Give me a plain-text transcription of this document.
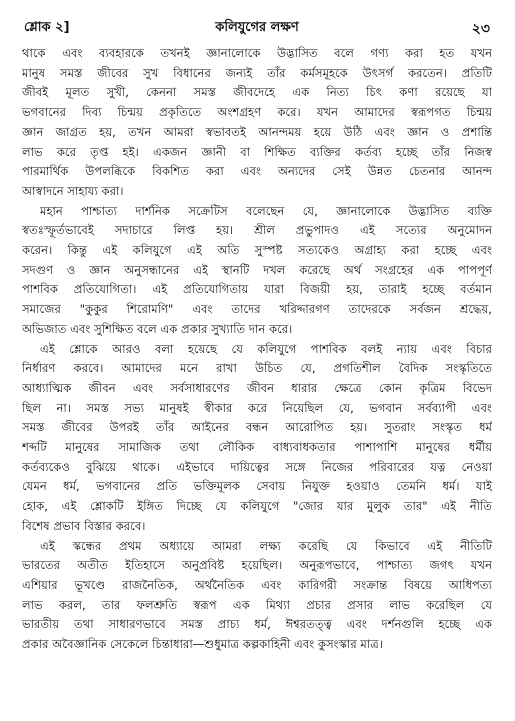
শ্লোক ২]	কলিযুগের লক্ষণ	২৩
থাকে এবং ব্যবহারকে তখনই জ্ঞানালোকে উদ্ভাসিত বলে গণ্য করা হত যখন
মানুষ সমস্ত জীবের সুখ বিধানের জন্যই তাঁর কর্মসমূহকে উৎসর্গ করতেন। প্রতিটি
জীবই মূলত সুখী, কেননা সমস্ত জীবদেহে এক নিত্য চিৎ কণা রয়েছে যা
ভগবানের দিব্য চিন্ময় প্রকৃতিতে অংশগ্রহণ করে। যখন আমাদের স্বরূপগত চিন্ময়
জ্ঞান জাগ্রত হয়, তখন আমরা স্বভাবতই আনন্দময় হয়ে উঠি এবং জ্ঞান ও প্রশান্তি
লাভ করে তৃপ্ত হই। একজন জ্ঞানী বা শিক্ষিত ব্যক্তির কর্তব্য হচ্ছে তাঁর নিজস্ব
পারমার্থিক উপলব্ধিকে বিকশিত করা এবং অন্যদের সেই উন্নত চেতনার আনন্দ
আস্বাদনে সাহায্য করা।
মহান পাশ্চাত্য দার্শনিক সক্রেটিস বলেছেন যে, জ্ঞানালোকে উদ্ভাসিত ব্যক্তি
স্বতঃস্ফূর্তভাবেই সদাচারে লিপ্ত হয়। শ্রীল প্রভুপাদও এই সত্যের অনুমোদন
করেন। কিন্তু এই কলিযুগে এই অতি সুস্পষ্ট সত্যকেও অগ্রাহ্য করা হচ্ছে এবং
সদগুণ ও জ্ঞান অনুসন্ধানের এই স্থানটি দখল করেছে অর্থ সংগ্রহের এক পাপপূর্ণ
পাশবিক প্রতিযোগিতা। এই প্রতিযোগিতায় যারা বিজয়ী হয়, তারাই হচ্ছে বর্তমান
সমাজের "কুকুর শিরোমণি" এবং তাদের খরিদ্দারগণ তাদেরকে সর্বজন শ্রদ্ধেয়,
অভিজাত এবং সুশিক্ষিত বলে এক প্রকার সুখ্যাতি দান করে।
এই শ্লোকে আরও বলা হয়েছে যে কলিযুগে পাশবিক বলই ন্যায় এবং বিচার
নির্ধারণ করবে। আমাদের মনে রাখা উচিত যে, প্রগতিশীল বৈদিক সংস্কৃতিতে
আধ্যাত্মিক জীবন এবং সর্বসাধারণের জীবন ধারার ক্ষেত্রে কোন কৃত্রিম বিভেদ
ছিল না। সমস্ত সভ্য মানুষই স্বীকার করে নিয়েছিল যে, ভগবান সর্বব্যাপী এবং
সমস্ত জীবের উপরই তাঁর আইনের বন্ধন আরোপিত হয়। সুতরাং সংস্কৃত ধর্ম
শব্দটি মানুষের সামাজিক তথা লৌকিক বাধ্যবাধকতার পাশাপাশি মানুষের ধর্মীয়
কর্তব্যকেও বুঝিয়ে থাকে। এইভাবে দায়িত্বের সঙ্গে নিজের পরিবারের যত্ন নেওয়া
যেমন ধর্ম, ভগবানের প্রতি ভক্তিমূলক সেবায় নিযুক্ত হওয়াও তেমনি ধর্ম। যাই
হোক, এই শ্লোকটি ইঙ্গিত দিচ্ছে যে কলিযুগে "জোর যার মুলুক তার" এই নীতি
বিশেষ প্রভাব বিস্তার করবে।
এই স্কন্ধের প্রথম অধ্যায়ে আমরা লক্ষ্য করেছি যে কিভাবে এই নীতিটি
ভারতের অতীত ইতিহাসে অনুপ্রবিষ্ট হয়েছিল। অনুরূপভাবে, পাশ্চাত্য জগৎ যখন
এশিয়ার ভূখণ্ডে রাজনৈতিক, অর্থনৈতিক এবং কারিগরী সংক্রান্ত বিষয়ে আধিপত্য
লাভ করল, তার ফলশ্রুতি স্বরূপ এক মিথ্যা প্রচার প্রসার লাভ করেছিল যে
ভারতীয় তথা সাধারণভাবে সমস্ত প্রাচ্য ধর্ম, ঈশ্বরতত্ত্ব এবং দর্শনগুলি হচ্ছে এক
প্রকার অবৈজ্ঞানিক সেকেলে চিন্তাধারা—শুধুমাত্র কল্পকাহিনী এবং কুসংস্কার মাত্র।
